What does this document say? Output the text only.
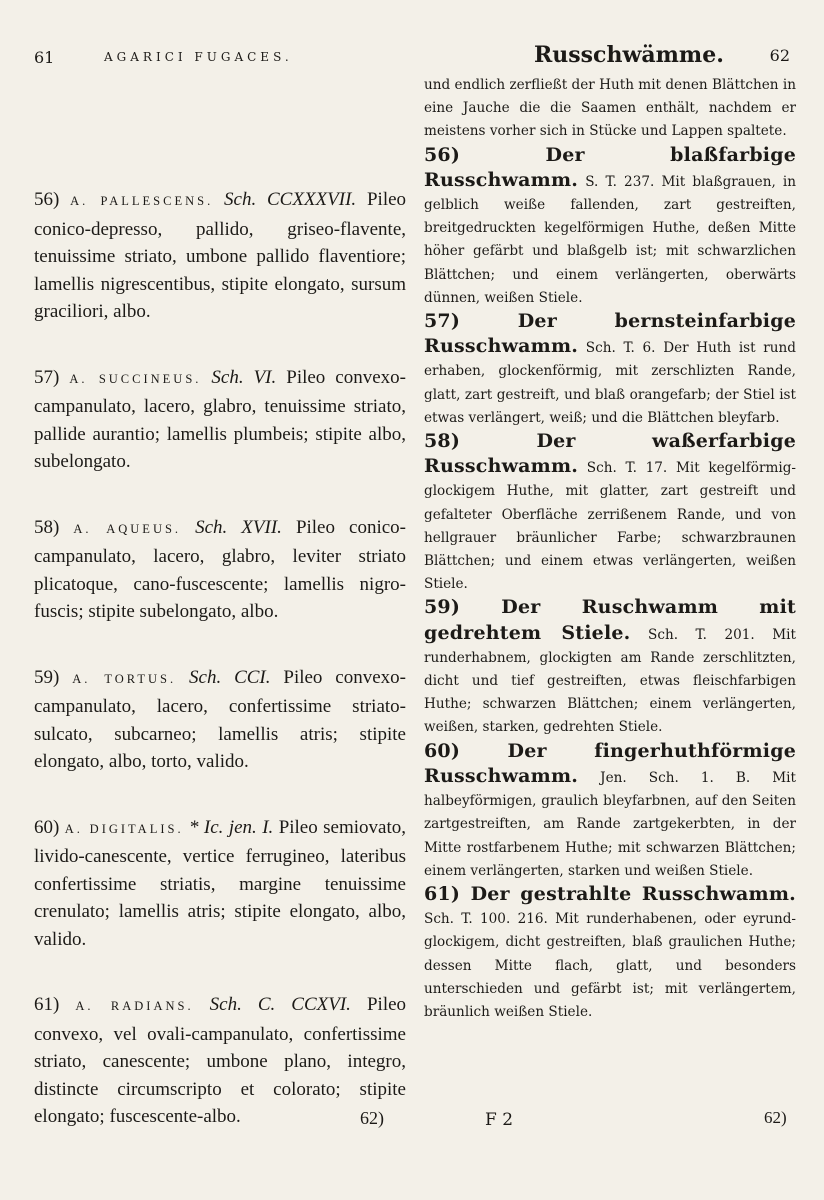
61	AGARICI FUGACES.

56) A. PALLESCENS. Sch. CCXXXVII. Pileo conico-depresso, pallido, griseo-flavente, tenuissime striato, umbone pallido flaventiore; lamellis nigrescentibus, stipite elongato, sursum graciliori, albo.

57) A. SUCCINEUS. Sch. VI. Pileo convexo-campanulato, lacero, glabro, tenuissime striato, pallide aurantio; lamellis plumbeis; stipite albo, subelongato.

58) A. AQUEUS. Sch. XVII. Pileo conico-campanulato, lacero, glabro, leviter striato plicatoque, cano-fuscescente; lamellis nigro-fuscis; stipite subelongato, albo.

59) A. TORTUS. Sch. CCI. Pileo convexo-campanulato, lacero, confertissime striato-sulcato, subcarneo; lamellis atris; stipite elongato, albo, torto, valido.

60) A. DIGITALIS. * Ic. jen. I. Pileo semiovato, livido-canescente, vertice ferrugineo, lateribus confertissime striatis, margine tenuissime crenulato; lamellis atris; stipite elongato, albo, valido.

61) A. RADIANS. Sch. C. CCXVI. Pileo convexo, vel ovali-campanulato, confertissime striato, canescente; umbone plano, integro, distincte circumscripto et colorato; stipite elongato; fuscescente-albo.

Russchwämme.	62

und endlich zerfließt der Huth mit denen Blättchen in eine Jauche die die Saamen enthält, nachdem er meistens vorher sich in Stücke und Lappen spaltete.

56)	Der blaßfarbige Russchwamm. S. T. 237. Mit blaßgrauen, in gelblich weiße fallenden, zart gestreiften, breitgedruckten kegelförmigen Huthe, deßen Mitte höher gefärbt und blaßgelb ist; mit schwarzlichen Blättchen; und einem verlängerten, oberwärts dünnen, weißen Stiele.

57)	Der bernsteinfarbige Russchwamm. Sch. T. 6. Der Huth ist rund erhaben, glockenförmig, mit zerschlizten Rande, glatt, zart gestreift, und blaß orangefarb; der Stiel ist etwas verlängert, weiß; und die Blättchen bleyfarb.

58)	Der waßerfarbige Russchwamm. Sch. T. 17. Mit kegelförmig-glockigem Huthe, mit glatter, zart gestreift und gefalteter Oberfläche zerrißenem Rande, und von hellgrauer bräunlicher Farbe; schwarzbraunen Blättchen; und einem etwas verlängerten, weißen Stiele.

59) Der Ruschwamm mit gedrehtem Stiele. Sch. T. 201. Mit runderhabnem, glockigten am Rande zerschlitzten, dicht und tief gestreiften, etwas fleischfarbigen Huthe; schwarzen Blättchen; einem verlängerten, weißen, starken, gedrehten Stiele.

60)	Der fingerhuthförmige Russchwamm. Jen. Sch. 1. B. Mit halbeyförmigen, graulich bleyfarbnen, auf den Seiten zartgestreiften, am Rande zartgekerbten, in der Mitte rostfarbenem Huthe; mit schwarzen Blättchen; einem verlängerten, starken und weißen Stiele.

61) Der gestrahlte Russchwamm. Sch. T. 100. 216. Mit runderhabenen, oder eyrund-glockigem, dicht gestreiften, blaß graulichen Huthe; dessen Mitte flach, glatt, und besonders unterschieden und gefärbt ist; mit verlängertem, bräunlich weißen Stiele.

62)	F 2	62)
